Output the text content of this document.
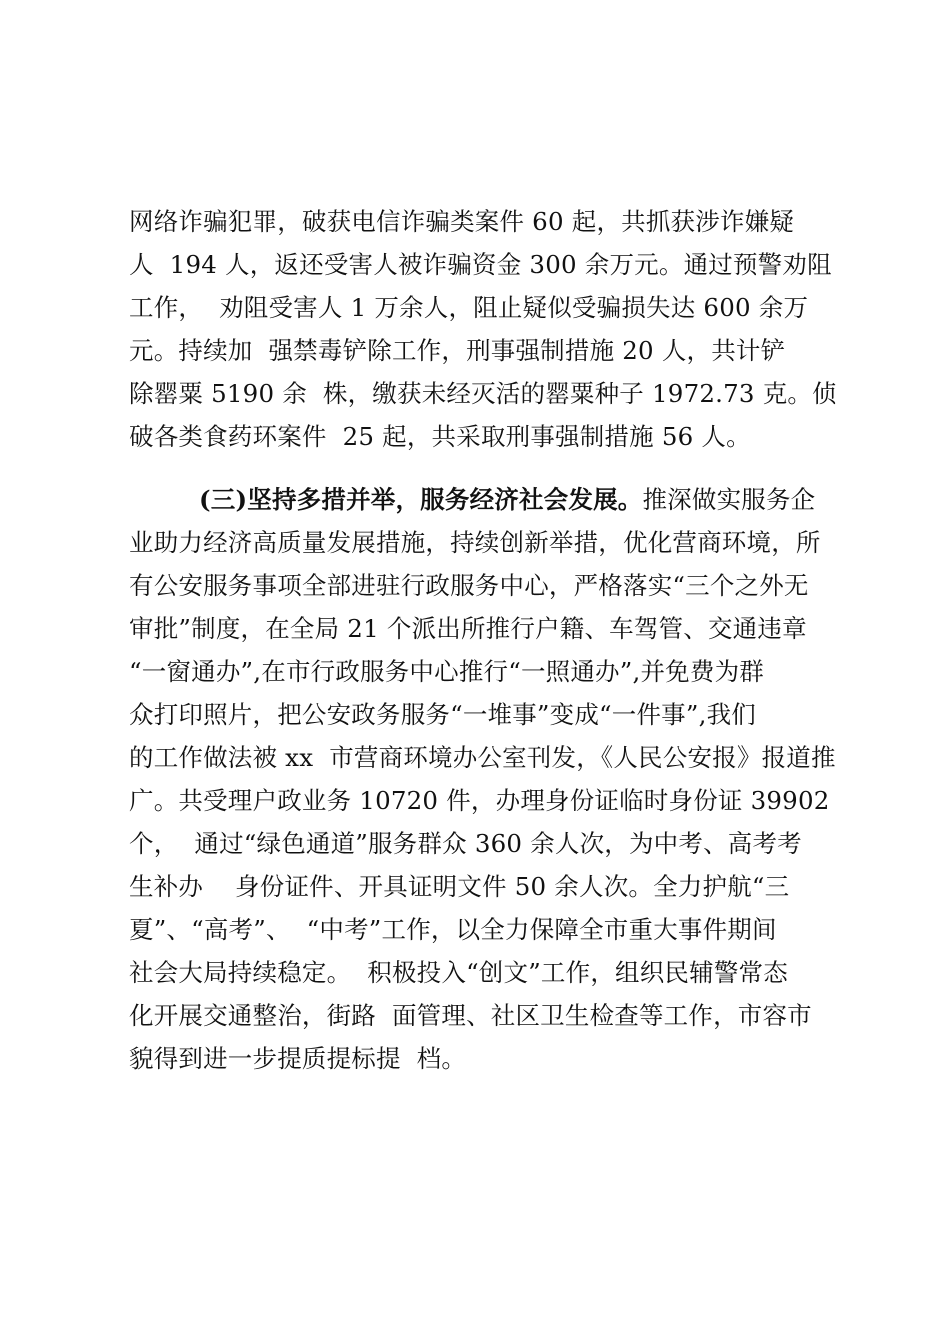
网络诈骗犯罪，破获电信诈骗类案件 60 起，共抓获涉诈嫌疑
人  194 人，返还受害人被诈骗资金 300 余万元。通过预警劝阻
工作，  劝阻受害人 1 万余人，阻止疑似受骗损失达 600 余万
元。持续加  强禁毒铲除工作，刑事强制措施 20 人，共计铲
除罂粟 5190 余  株，缴获未经灭活的罂粟种子 1972.73 克。侦
破各类食药环案件  25 起，共采取刑事强制措施 56 人。
(三)坚持多措并举，服务经济社会发展。推深做实服务企
业助力经济高质量发展措施，持续创新举措，优化营商环境，所
有公安服务事项全部进驻行政服务中心，严格落实“三个之外无
审批”制度，在全局 21 个派出所推行户籍、车驾管、交通违章
“一窗通办”,在市行政服务中心推行“一照通办”,并免费为群
众打印照片，把公安政务服务“一堆事”变成“一件事”,我们
的工作做法被 xx  市营商环境办公室刊发，《人民公安报》报道推
广。共受理户政业务 10720 件，办理身份证临时身份证 39902
个，  通过“绿色通道”服务群众 360 余人次，为中考、高考考
生补办    身份证件、开具证明文件 50 余人次。全力护航“三
夏”、“高考”、  “中考”工作，以全力保障全市重大事件期间
社会大局持续稳定。  积极投入“创文”工作，组织民辅警常态
化开展交通整治，街路  面管理、社区卫生检查等工作，市容市
貌得到进一步提质提标提  档。
